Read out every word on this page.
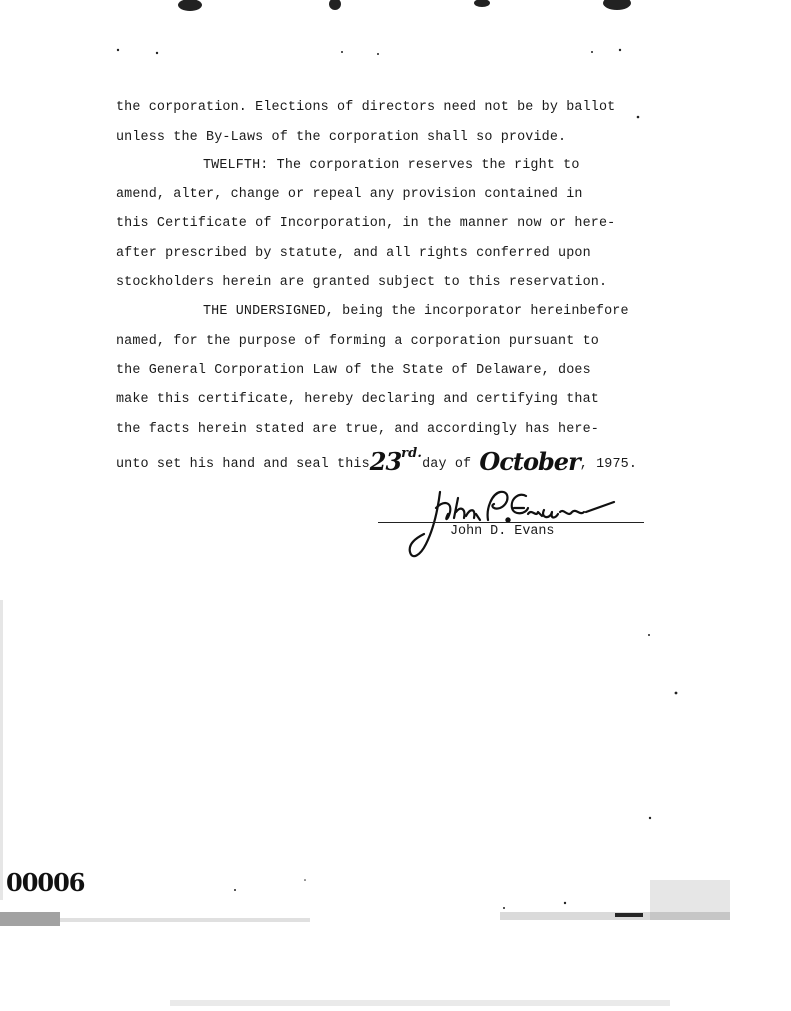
the corporation. Elections of directors need not be by ballot
unless the By-Laws of the corporation shall so provide.
TWELFTH: The corporation reserves the right to
amend, alter, change or repeal any provision contained in
this Certificate of Incorporation, in the manner now or here-
after prescribed by statute, and all rights conferred upon
stockholders herein are granted subject to this reservation.
THE UNDERSIGNED, being the incorporator hereinbefore
named, for the purpose of forming a corporation pursuant to
the General Corporation Law of the State of Delaware, does
make this certificate, hereby declaring and certifying that
the facts herein stated are true, and accordingly has here-
unto set his hand and seal this23rd.day of October, 1975.
John D. Evans
00006
